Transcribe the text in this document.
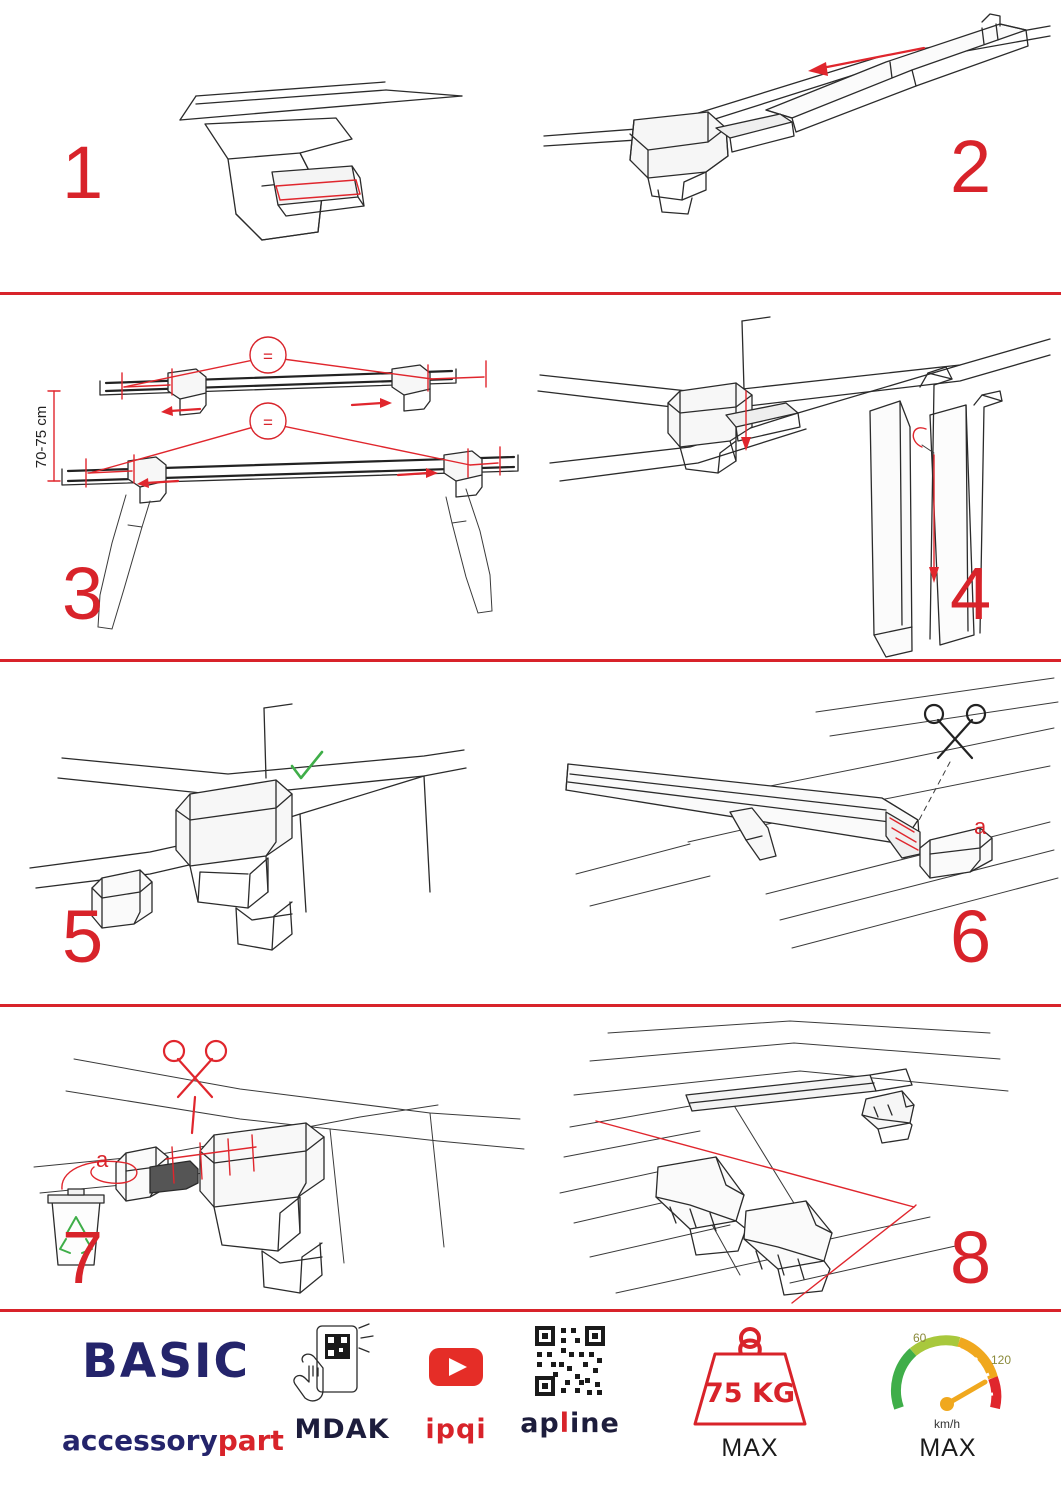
1	2
=
=
70-75 cm
3	4
5
a
6
a
7	8
BASIC
accessorypart MDAK	ipqi	apline
75 KG
MAX
60
120
km/h
MAX
